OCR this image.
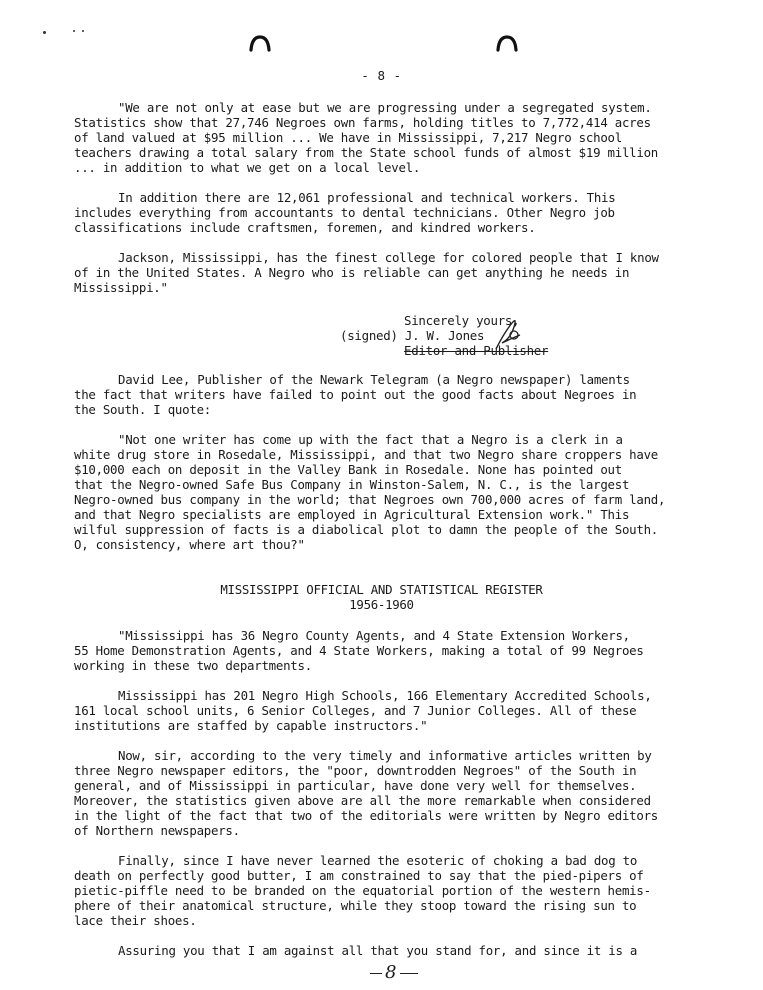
- 8 -
"We are not only at ease but we are progressing under a segregated system.
Statistics show that 27,746 Negroes own farms, holding titles to 7,772,414 acres
of land valued at $95 million ... We have in Mississippi, 7,217 Negro school
teachers drawing a total salary from the State school funds of almost $19 million
... in addition to what we get on a local level.
In addition there are 12,061 professional and technical workers. This
includes everything from accountants to dental technicians. Other Negro job
classifications include craftsmen, foremen, and kindred workers.
Jackson, Mississippi, has the finest college for colored people that I know
of in the United States. A Negro who is reliable can get anything he needs in
Mississippi."
Sincerely yours,
(signed) J. W. Jones
Editor and Publisher
David Lee, Publisher of the Newark Telegram (a Negro newspaper) laments
the fact that writers have failed to point out the good facts about Negroes in
the South. I quote:
"Not one writer has come up with the fact that a Negro is a clerk in a
white drug store in Rosedale, Mississippi, and that two Negro share croppers have
$10,000 each on deposit in the Valley Bank in Rosedale. None has pointed out
that the Negro-owned Safe Bus Company in Winston-Salem, N. C., is the largest
Negro-owned bus company in the world; that Negroes own 700,000 acres of farm land,
and that Negro specialists are employed in Agricultural Extension work." This
wilful suppression of facts is a diabolical plot to damn the people of the South.
O, consistency, where art thou?"
MISSISSIPPI OFFICIAL AND STATISTICAL REGISTER
1956-1960
"Mississippi has 36 Negro County Agents, and 4 State Extension Workers,
55 Home Demonstration Agents, and 4 State Workers, making a total of 99 Negroes
working in these two departments.
Mississippi has 201 Negro High Schools, 166 Elementary Accredited Schools,
161 local school units, 6 Senior Colleges, and 7 Junior Colleges. All of these
institutions are staffed by capable instructors."
Now, sir, according to the very timely and informative articles written by
three Negro newspaper editors, the "poor, downtrodden Negroes" of the South in
general, and of Mississippi in particular, have done very well for themselves.
Moreover, the statistics given above are all the more remarkable when considered
in the light of the fact that two of the editorials were written by Negro editors
of Northern newspapers.
Finally, since I have never learned the esoteric of choking a bad dog to
death on perfectly good butter, I am constrained to say that the pied-pipers of
pietic-piffle need to be branded on the equatorial portion of the western hemis-
phere of their anatomical structure, while they stoop toward the rising sun to
lace their shoes.
Assuring you that I am against all that you stand for, and since it is a
8
